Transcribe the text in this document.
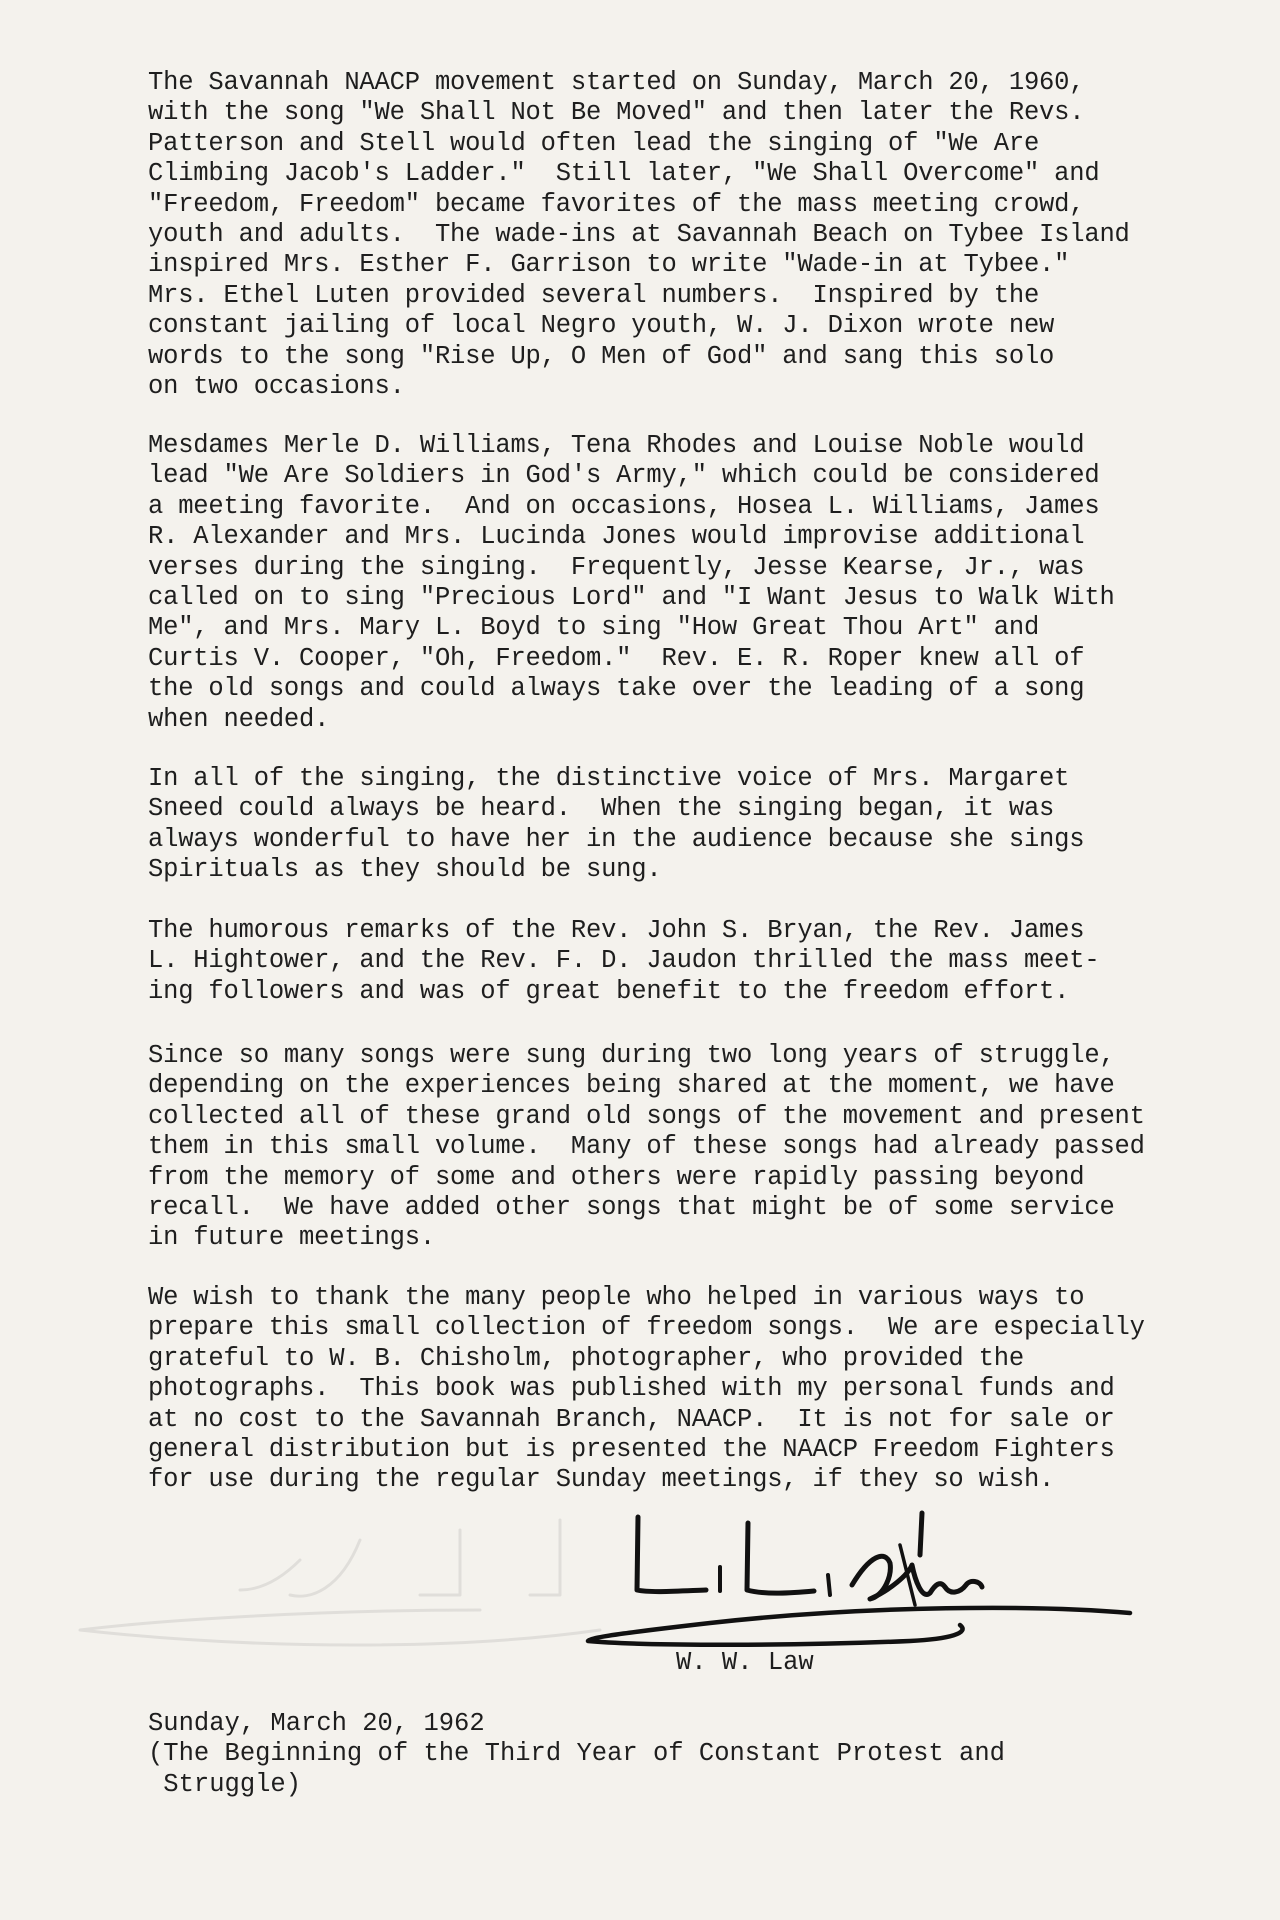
The Savannah NAACP movement started on Sunday, March 20, 1960,
with the song "We Shall Not Be Moved" and then later the Revs.
Patterson and Stell would often lead the singing of "We Are
Climbing Jacob's Ladder."  Still later, "We Shall Overcome" and
"Freedom, Freedom" became favorites of the mass meeting crowd,
youth and adults.  The wade-ins at Savannah Beach on Tybee Island
inspired Mrs. Esther F. Garrison to write "Wade-in at Tybee."
Mrs. Ethel Luten provided several numbers.  Inspired by the
constant jailing of local Negro youth, W. J. Dixon wrote new
words to the song "Rise Up, O Men of God" and sang this solo
on two occasions.
Mesdames Merle D. Williams, Tena Rhodes and Louise Noble would
lead "We Are Soldiers in God's Army," which could be considered
a meeting favorite.  And on occasions, Hosea L. Williams, James
R. Alexander and Mrs. Lucinda Jones would improvise additional
verses during the singing.  Frequently, Jesse Kearse, Jr., was
called on to sing "Precious Lord" and "I Want Jesus to Walk With
Me", and Mrs. Mary L. Boyd to sing "How Great Thou Art" and
Curtis V. Cooper, "Oh, Freedom."  Rev. E. R. Roper knew all of
the old songs and could always take over the leading of a song
when needed.
In all of the singing, the distinctive voice of Mrs. Margaret
Sneed could always be heard.  When the singing began, it was
always wonderful to have her in the audience because she sings
Spirituals as they should be sung.
The humorous remarks of the Rev. John S. Bryan, the Rev. James
L. Hightower, and the Rev. F. D. Jaudon thrilled the mass meet-
ing followers and was of great benefit to the freedom effort.
Since so many songs were sung during two long years of struggle,
depending on the experiences being shared at the moment, we have
collected all of these grand old songs of the movement and present
them in this small volume.  Many of these songs had already passed
from the memory of some and others were rapidly passing beyond
recall.  We have added other songs that might be of some service
in future meetings.
We wish to thank the many people who helped in various ways to
prepare this small collection of freedom songs.  We are especially
grateful to W. B. Chisholm, photographer, who provided the
photographs.  This book was published with my personal funds and
at no cost to the Savannah Branch, NAACP.  It is not for sale or
general distribution but is presented the NAACP Freedom Fighters
for use during the regular Sunday meetings, if they so wish.
W. W. Law
Sunday, March 20, 1962
(The Beginning of the Third Year of Constant Protest and
Struggle)
